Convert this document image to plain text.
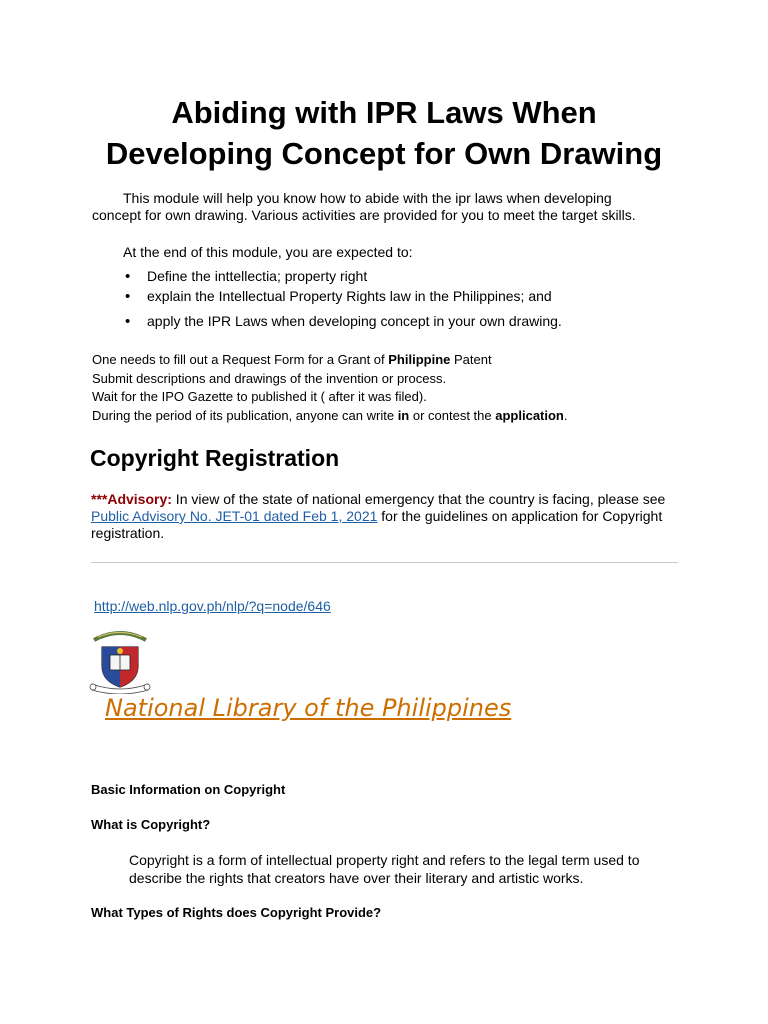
Abiding with IPR Laws When
Developing Concept for Own Drawing

This module will help you know how to abide with the ipr laws when developing concept for own drawing. Various activities are provided for you to meet the target skills.

At the end of this module, you are expected to:

• Define the inttellectia; property right
• explain the Intellectual Property Rights law in the Philippines; and
• apply the IPR Laws when developing concept in your own drawing.
One needs to fill out a Request Form for a Grant of Philippine Patent
Submit descriptions and drawings of the invention or process.
Wait for the IPO Gazette to published it ( after it was filed).
During the period of its publication, anyone can write in or contest the application.
Copyright Registration

***Advisory: In view of the state of national emergency that the country is facing, please see Public Advisory No. JET-01 dated Feb 1, 2021 for the guidelines on application for Copyright registration.

http://web.nlp.gov.ph/nlp/?q=node/646
National Library of the Philippines
Basic Information on Copyright
What is Copyright?

Copyright is a form of intellectual property right and refers to the legal term used to describe the rights that creators have over their literary and artistic works.

What Types of Rights does Copyright Provide?
